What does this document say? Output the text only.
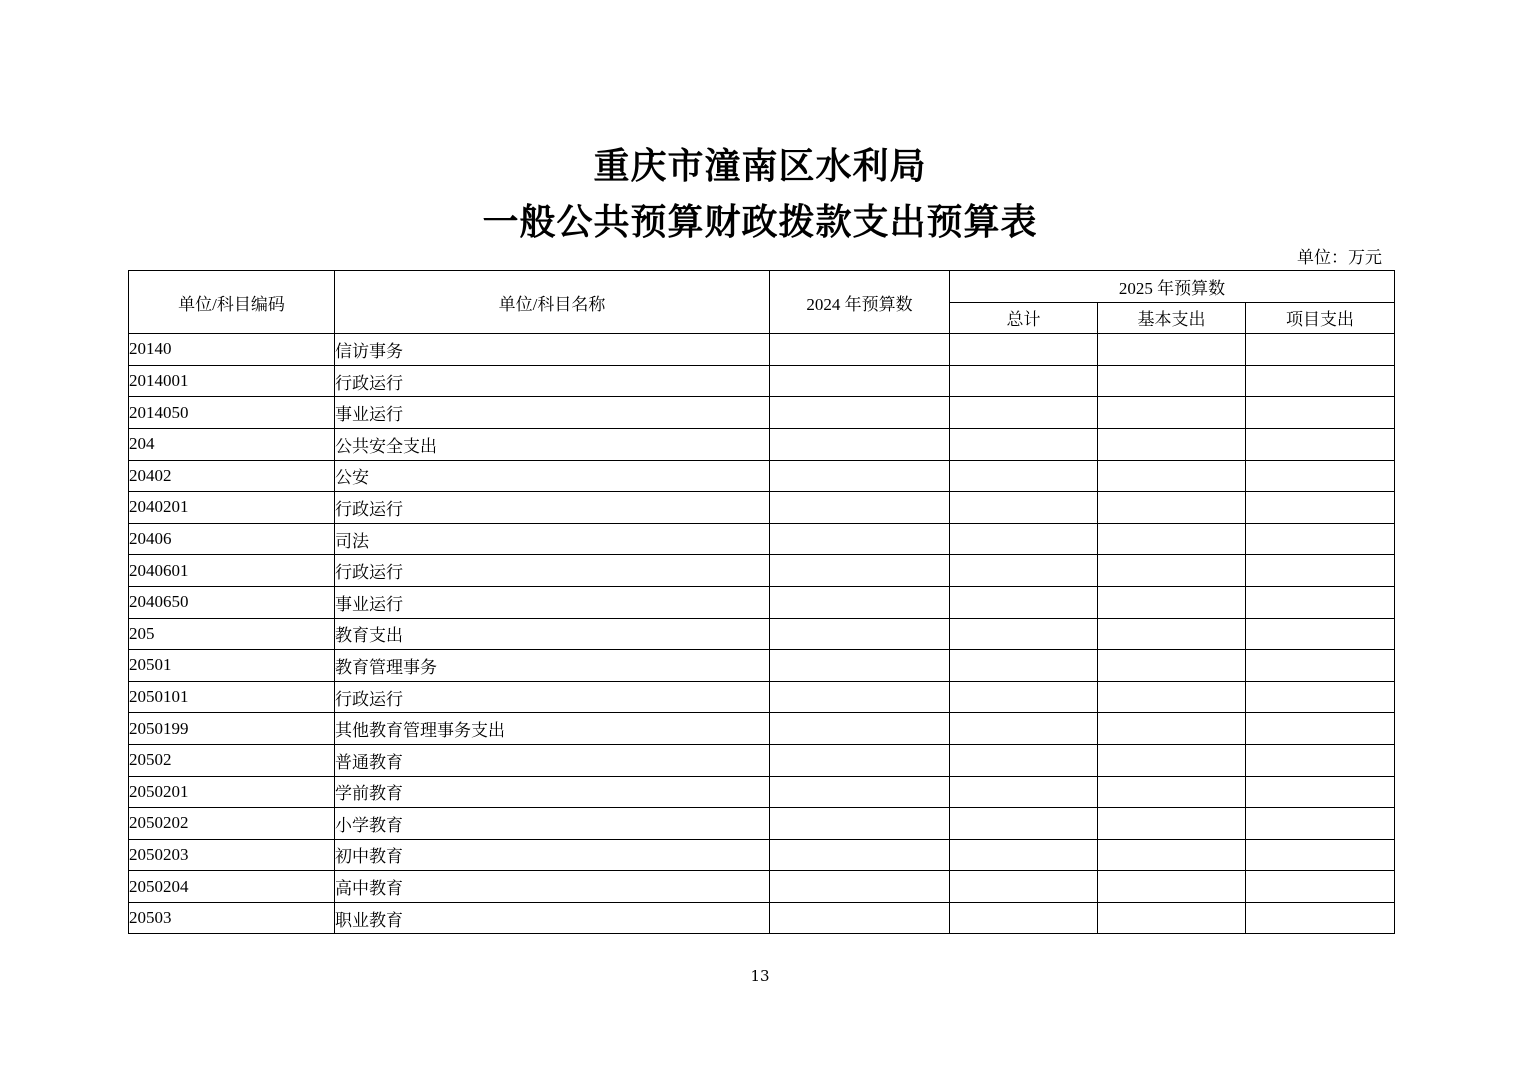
重庆市潼南区水利局
一般公共预算财政拨款支出预算表
单位：万元
单位/科目编码	单位/科目名称	2024 年预算数	2025 年预算数		
			总计	基本支出	项目支出
20140	信访事务				
2014001	行政运行				
2014050	事业运行				
204	公共安全支出				
20402	公安				
2040201	行政运行				
20406	司法				
2040601	行政运行				
2040650	事业运行				
205	教育支出				
20501	教育管理事务				
2050101	行政运行				
2050199	其他教育管理事务支出				
20502	普通教育				
2050201	学前教育				
2050202	小学教育				
2050203	初中教育				
2050204	高中教育				
20503	职业教育				
13
